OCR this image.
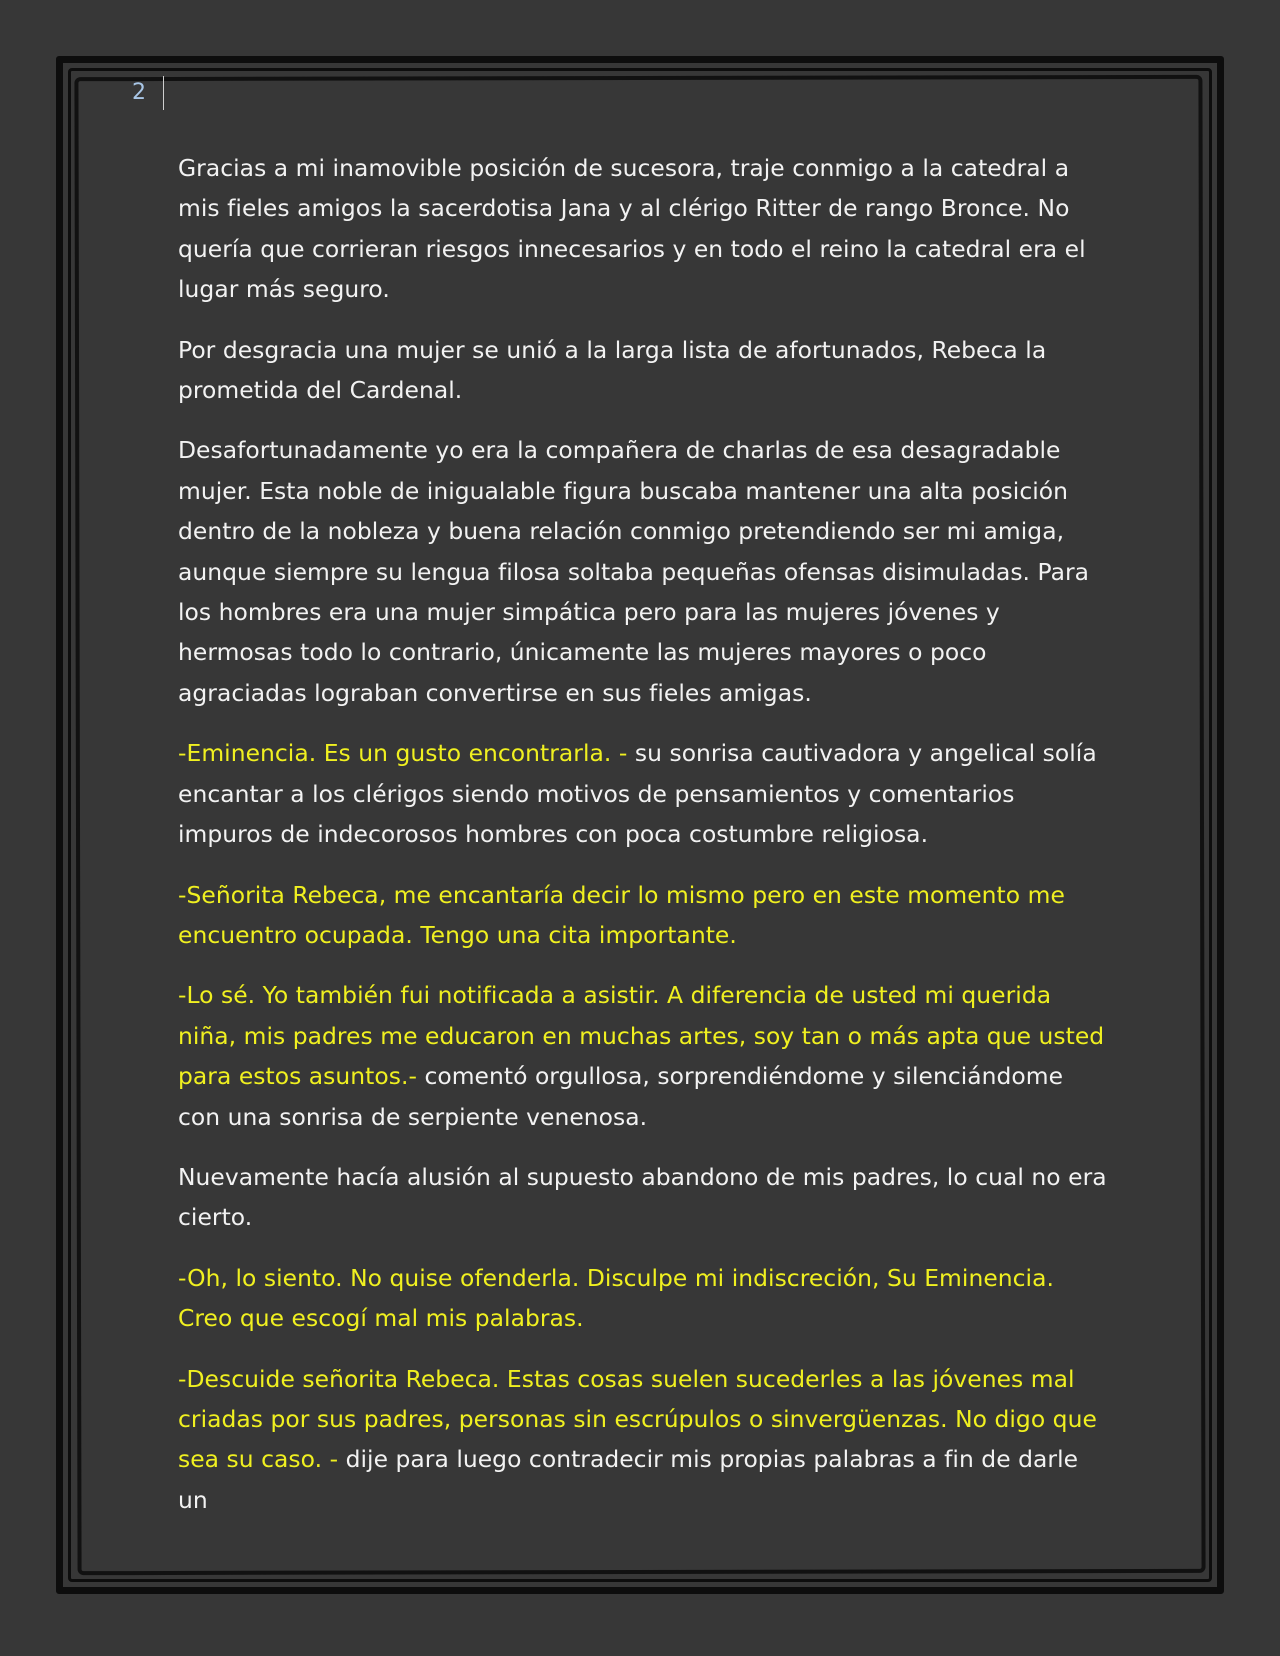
2

Gracias a mi inamovible posición de sucesora, traje conmigo a la catedral a mis fieles amigos la sacerdotisa Jana y al clérigo Ritter de rango Bronce. No quería que corrieran riesgos innecesarios y en todo el reino la catedral era el lugar más seguro.

Por desgracia una mujer se unió a la larga lista de afortunados, Rebeca la prometida del Cardenal.

Desafortunadamente yo era la compañera de charlas de esa desagradable mujer. Esta noble de inigualable figura buscaba mantener una alta posición dentro de la nobleza y buena relación conmigo pretendiendo ser mi amiga, aunque siempre su lengua filosa soltaba pequeñas ofensas disimuladas. Para los hombres era una mujer simpática pero para las mujeres jóvenes y hermosas todo lo contrario, únicamente las mujeres mayores o poco agraciadas lograban convertirse en sus fieles amigas.

-Eminencia. Es un gusto encontrarla. - su sonrisa cautivadora y angelical solía encantar a los clérigos siendo motivos de pensamientos y comentarios impuros de indecorosos hombres con poca costumbre religiosa.

-Señorita Rebeca, me encantaría decir lo mismo pero en este momento me encuentro ocupada. Tengo una cita importante.

-Lo sé. Yo también fui notificada a asistir. A diferencia de usted mi querida niña, mis padres me educaron en muchas artes, soy tan o más apta que usted para estos asuntos.- comentó orgullosa, sorprendiéndome y silenciándome con una sonrisa de serpiente venenosa.

Nuevamente hacía alusión al supuesto abandono de mis padres, lo cual no era cierto.

-Oh, lo siento. No quise ofenderla. Disculpe mi indiscreción, Su Eminencia. Creo que escogí mal mis palabras.

-Descuide señorita Rebeca. Estas cosas suelen sucederles a las jóvenes mal criadas por sus padres, personas sin escrúpulos o sinvergüenzas. No digo que sea su caso. - dije para luego contradecir mis propias palabras a fin de darle un
